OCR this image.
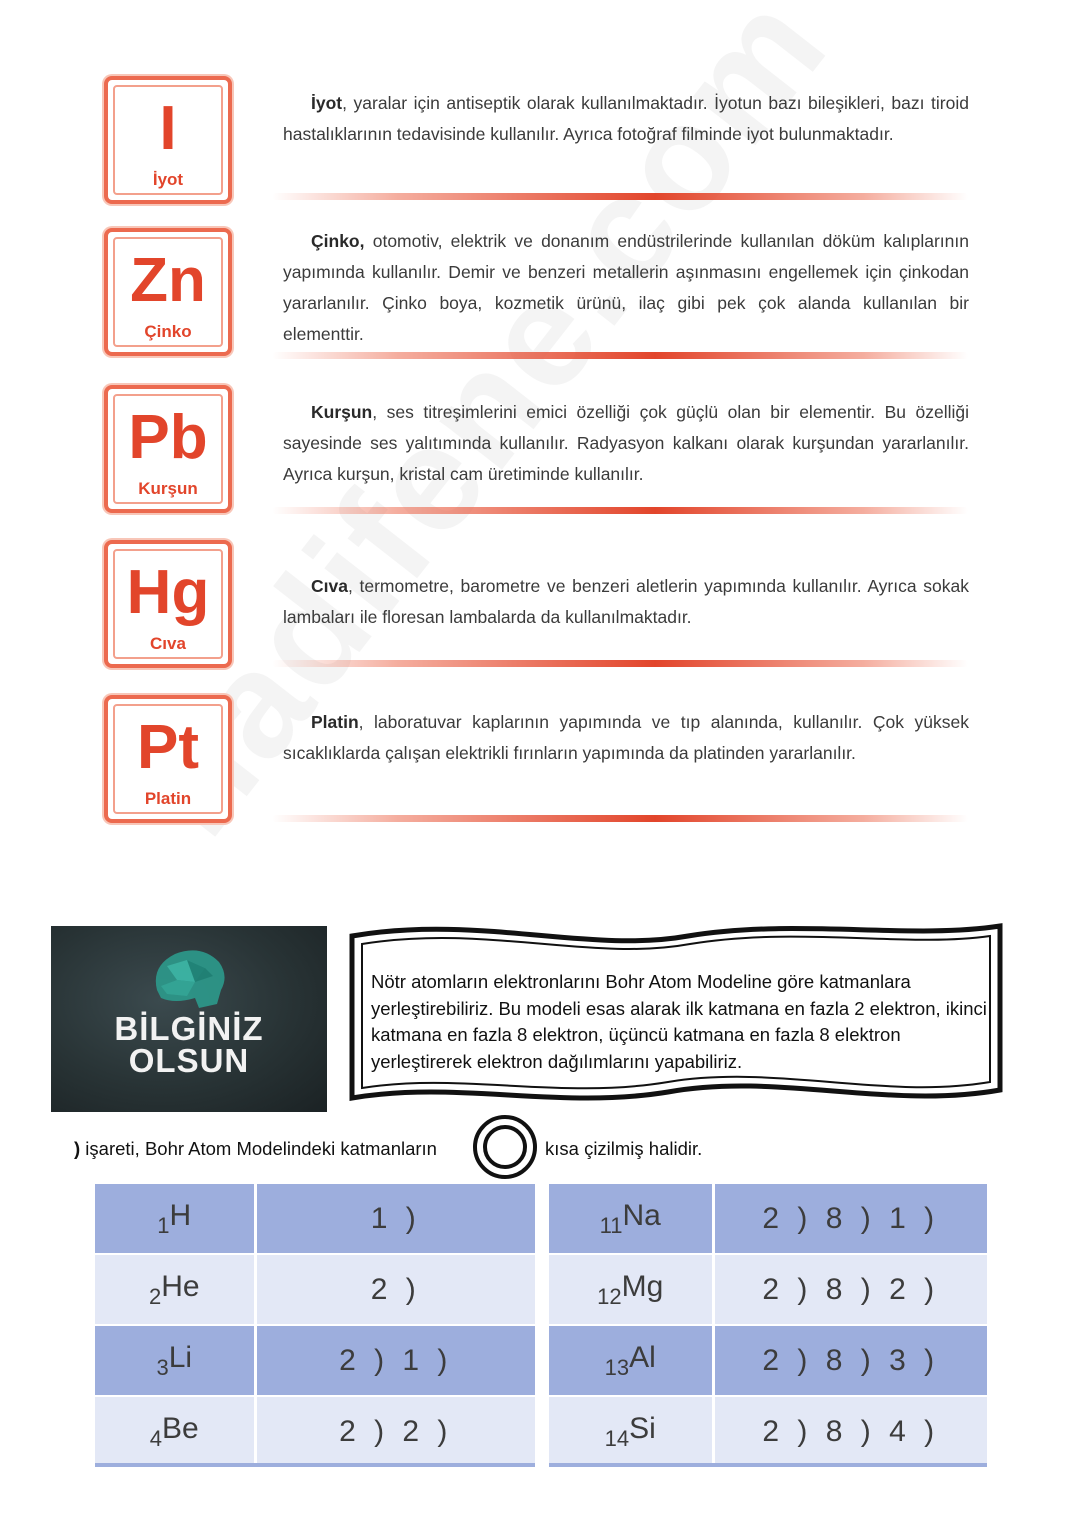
I
İyot
İyot, yaralar için antiseptik olarak kullanılmaktadır. İyotun bazı bileşikleri, bazı tiroid hastalıklarının tedavisinde kullanılır. Ayrıca fotoğraf filminde iyot bulunmaktadır.
Zn
Çinko
Çinko, otomotiv, elektrik ve donanım endüstrilerinde kullanılan döküm kalıplarının yapımında kullanılır. Demir ve benzeri metallerin aşınmasını engellemek için çinkodan yararlanılır. Çinko boya, kozmetik ürünü, ilaç gibi pek çok alanda kullanılan bir elementtir.
Pb
Kurşun
Kurşun, ses titreşimlerini emici özelliği çok güçlü olan bir elementir. Bu özelliği sayesinde ses yalıtımında kullanılır. Radyasyon kalkanı olarak kurşundan yararlanılır. Ayrıca kurşun, kristal cam üretiminde kullanılır.
Hg
Cıva
Cıva, termometre, barometre ve benzeri aletlerin yapımında kullanılır. Ayrıca sokak lambaları ile floresan lambalarda da kullanılmaktadır.
Pt
Platin
Platin, laboratuvar kaplarının yapımında ve tıp alanında, kullanılır. Çok yüksek sıcaklıklarda çalışan elektrikli fırınların yapımında da platinden yararlanılır.
BİLGİNİZ
OLSUN
Nötr atomların elektronlarını Bohr Atom Modeline göre katmanlara yerleştirebiliriz. Bu modeli esas alarak ilk katmana en fazla 2 elektron, ikinci katmana en fazla 8 elektron, üçüncü katmana en fazla 8 elektron yerleştirerek elektron dağılımlarını yapabiliriz.
) işareti, Bohr Atom Modelindeki katmanların	kısa çizilmiş halidir.
$_1$H	1 )
$_2$He	2 )
$_3$Li	2 ) 1 )
$_4$Be	2 ) 2 )
$_{11}$Na	2 ) 8 ) 1 )
$_{12}$Mg	2 ) 8 ) 2 )
$_{13}$Al	2 ) 8 ) 3 )
$_{14}$Si	2 ) 8 ) 4 )
